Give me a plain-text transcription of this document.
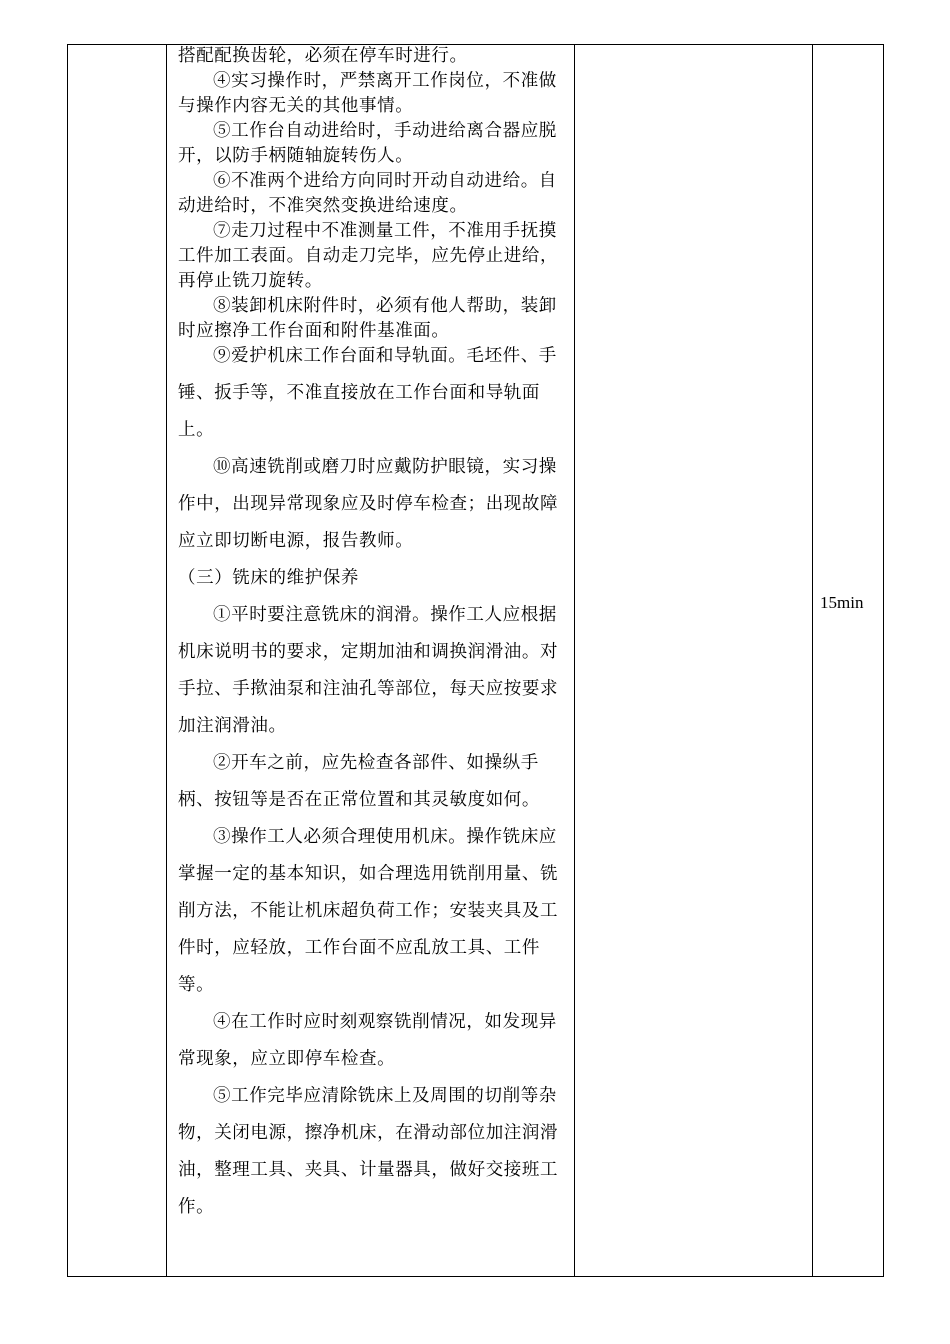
搭配配换齿轮，必须在停车时进行。

④实习操作时，严禁离开工作岗位，不准做与操作内容无关的其他事情。

⑤工作台自动进给时，手动进给离合器应脱开，以防手柄随轴旋转伤人。

⑥不准两个进给方向同时开动自动进给。自动进给时，不准突然变换进给速度。

⑦走刀过程中不准测量工件，不准用手抚摸工件加工表面。自动走刀完毕，应先停止进给，再停止铣刀旋转。

⑧装卸机床附件时，必须有他人帮助，装卸时应擦净工作台面和附件基准面。

⑨爱护机床工作台面和导轨面。毛坯件、手锤、扳手等，不准直接放在工作台面和导轨面上。

⑩高速铣削或磨刀时应戴防护眼镜，实习操作中，出现异常现象应及时停车检查；出现故障应立即切断电源，报告教师。

（三）铣床的维护保养

①平时要注意铣床的润滑。操作工人应根据机床说明书的要求，定期加油和调换润滑油。对手拉、手揿油泵和注油孔等部位，每天应按要求加注润滑油。

②开车之前，应先检查各部件、如操纵手柄、按钮等是否在正常位置和其灵敏度如何。

③操作工人必须合理使用机床。操作铣床应掌握一定的基本知识，如合理选用铣削用量、铣削方法，不能让机床超负荷工作；安装夹具及工件时，应轻放，工作台面不应乱放工具、工件等。

④在工作时应时刻观察铣削情况，如发现异常现象，应立即停车检查。

⑤工作完毕应清除铣床上及周围的切削等杂物，关闭电源，擦净机床，在滑动部位加注润滑油，整理工具、夹具、计量器具，做好交接班工作。

15min
